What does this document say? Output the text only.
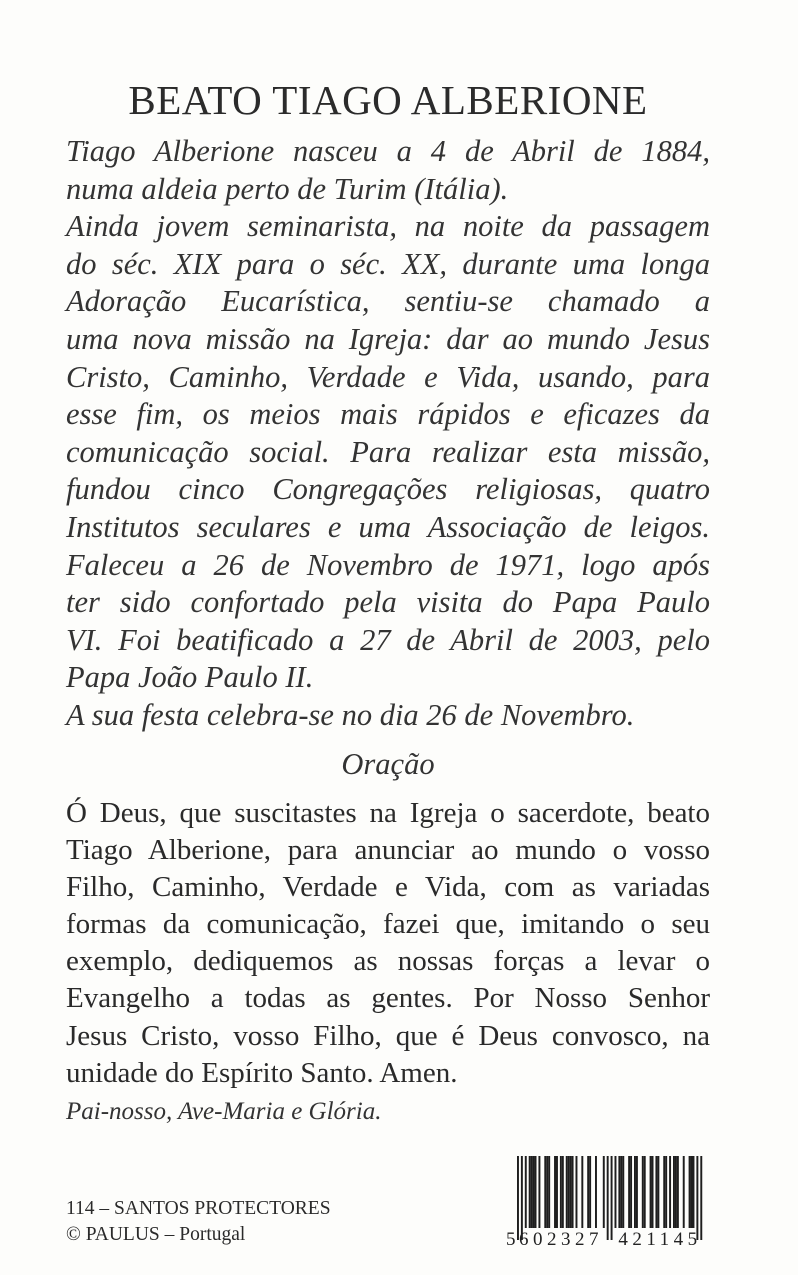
BEATO TIAGO ALBERIONE
Tiago Alberione nasceu a 4 de Abril de 1884,
numa aldeia perto de Turim (Itália).
Ainda jovem seminarista, na noite da passagem
do séc. XIX para o séc. XX, durante uma longa
Adoração Eucarística, sentiu-se chamado a
uma nova missão na Igreja: dar ao mundo Jesus
Cristo, Caminho, Verdade e Vida, usando, para
esse fim, os meios mais rápidos e eficazes da
comunicação social. Para realizar esta missão,
fundou cinco Congregações religiosas, quatro
Institutos seculares e uma Associação de leigos.
Faleceu a 26 de Novembro de 1971, logo após
ter sido confortado pela visita do Papa Paulo
VI. Foi beatificado a 27 de Abril de 2003, pelo
Papa João Paulo II.
A sua festa celebra-se no dia 26 de Novembro.
Oração
Ó Deus, que suscitastes na Igreja o sacerdote, beato
Tiago Alberione, para anunciar ao mundo o vosso
Filho, Caminho, Verdade e Vida, com as variadas
formas da comunicação, fazei que, imitando o seu
exemplo, dediquemos as nossas forças a levar o
Evangelho a todas as gentes. Por Nosso Senhor
Jesus Cristo, vosso Filho, que é Deus convosco, na
unidade do Espírito Santo. Amen.
Pai-nosso, Ave-Maria e Glória.
114 – SANTOS PROTECTORES
© PAULUS – Portugal	5 602327 421145
